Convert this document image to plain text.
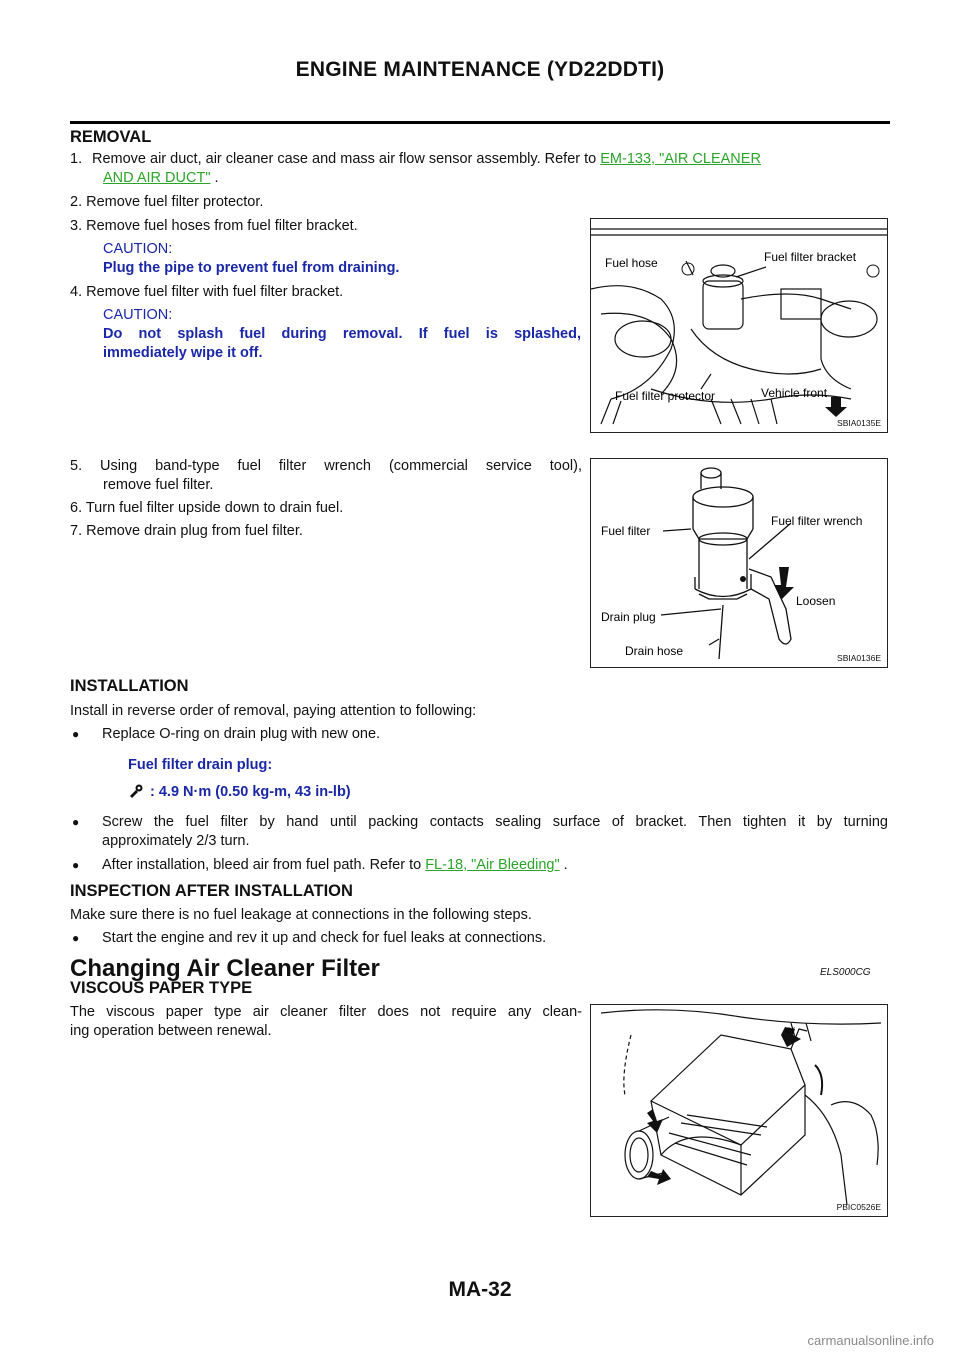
ENGINE MAINTENANCE (YD22DDTI)
REMOVAL
1. Remove air duct, air cleaner case and mass air flow sensor assembly. Refer to EM-133, "AIR CLEANER
AND AIR DUCT" .
2. Remove fuel filter protector.
3. Remove fuel hoses from fuel filter bracket.
CAUTION:
Plug the pipe to prevent fuel from draining.
4. Remove fuel filter with fuel filter bracket.
CAUTION:
Do not splash fuel during removal. If fuel is splashed,
immediately wipe it off.
Fuel hose	Fuel filter bracket
Fuel filter protector	Vehicle front
SBIA0135E
5. Using band-type fuel filter wrench (commercial service tool),
remove fuel filter.
6. Turn fuel filter upside down to drain fuel.
7. Remove drain plug from fuel filter.	Fuel filter
Fuel filter wrench
Loosen
Drain plug
Drain hose	SBIA0136E
INSTALLATION
Install in reverse order of removal, paying attention to following:
● Replace O-ring on drain plug with new one.
Fuel filter drain plug:
: 4.9 N·m (0.50 kg-m, 43 in-lb)
● Screw the fuel filter by hand until packing contacts sealing surface of bracket. Then tighten it by turning
approximately 2/3 turn.
● After installation, bleed air from fuel path. Refer to FL-18, "Air Bleeding" .
INSPECTION AFTER INSTALLATION
Make sure there is no fuel leakage at connections in the following steps.
● Start the engine and rev it up and check for fuel leaks at connections.
Changing Air Cleaner Filter	ELS000CG
VISCOUS PAPER TYPE
The viscous paper type air cleaner filter does not require any clean-
ing operation between renewal.	or
PBIC0526E
MA-32
carmanualsonline.info
